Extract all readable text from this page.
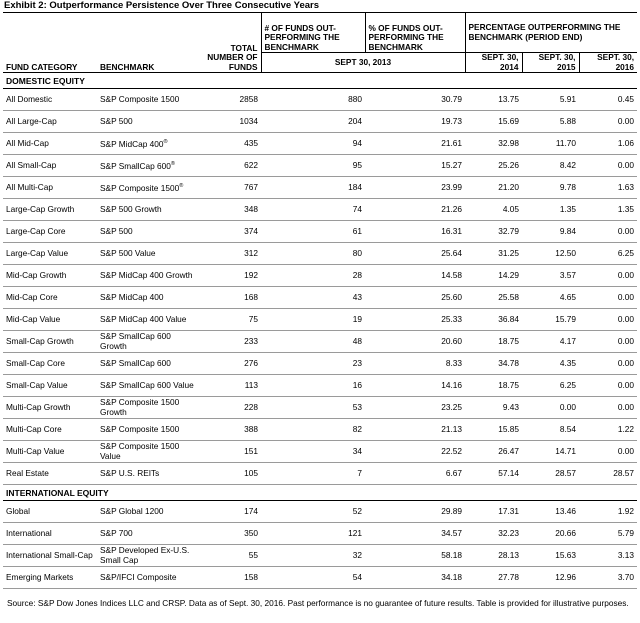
Exhibit 2: Outperformance Persistence Over Three Consecutive Years
FUND CATEGORY	BENCHMARK	TOTAL NUMBER OF FUNDS	# OF FUNDS OUT-PERFORMING THE BENCHMARK	% OF FUNDS OUT-PERFORMING THE BENCHMARK	PERCENTAGE OUTPERFORMING THE BENCHMARK (PERIOD END)		
			SEPT 30, 2013		SEPT. 30, 2014	SEPT. 30, 2015	SEPT. 30, 2016
DOMESTIC EQUITY							
All Domestic	S&P Composite 1500	2858	880	30.79	13.75	5.91	0.45
All Large-Cap	S&P 500	1034	204	19.73	15.69	5.88	0.00
All Mid-Cap	S&P MidCap 400®	435	94	21.61	32.98	11.70	1.06
All Small-Cap	S&P SmallCap 600®	622	95	15.27	25.26	8.42	0.00
All Multi-Cap	S&P Composite 1500®	767	184	23.99	21.20	9.78	1.63
Large-Cap Growth	S&P 500 Growth	348	74	21.26	4.05	1.35	1.35
Large-Cap Core	S&P 500	374	61	16.31	32.79	9.84	0.00
Large-Cap Value	S&P 500 Value	312	80	25.64	31.25	12.50	6.25
Mid-Cap Growth	S&P MidCap 400 Growth	192	28	14.58	14.29	3.57	0.00
Mid-Cap Core	S&P MidCap 400	168	43	25.60	25.58	4.65	0.00
Mid-Cap Value	S&P MidCap 400 Value	75	19	25.33	36.84	15.79	0.00
Small-Cap Growth	S&P SmallCap 600 Growth	233	48	20.60	18.75	4.17	0.00
Small-Cap Core	S&P SmallCap 600	276	23	8.33	34.78	4.35	0.00
Small-Cap Value	S&P SmallCap 600 Value	113	16	14.16	18.75	6.25	0.00
Multi-Cap Growth	S&P Composite 1500 Growth	228	53	23.25	9.43	0.00	0.00
Multi-Cap Core	S&P Composite 1500	388	82	21.13	15.85	8.54	1.22
Multi-Cap Value	S&P Composite 1500 Value	151	34	22.52	26.47	14.71	0.00
Real Estate	S&P U.S. REITs	105	7	6.67	57.14	28.57	28.57
INTERNATIONAL EQUITY							
Global	S&P Global 1200	174	52	29.89	17.31	13.46	1.92
International	S&P 700	350	121	34.57	32.23	20.66	5.79
International Small-Cap	S&P Developed Ex-U.S. Small Cap	55	32	58.18	28.13	15.63	3.13
Emerging Markets	S&P/IFCI Composite	158	54	34.18	27.78	12.96	3.70
Source: S&P Dow Jones Indices LLC and CRSP. Data as of Sept. 30, 2016. Past performance is no guarantee of future results. Table is provided for illustrative purposes.
